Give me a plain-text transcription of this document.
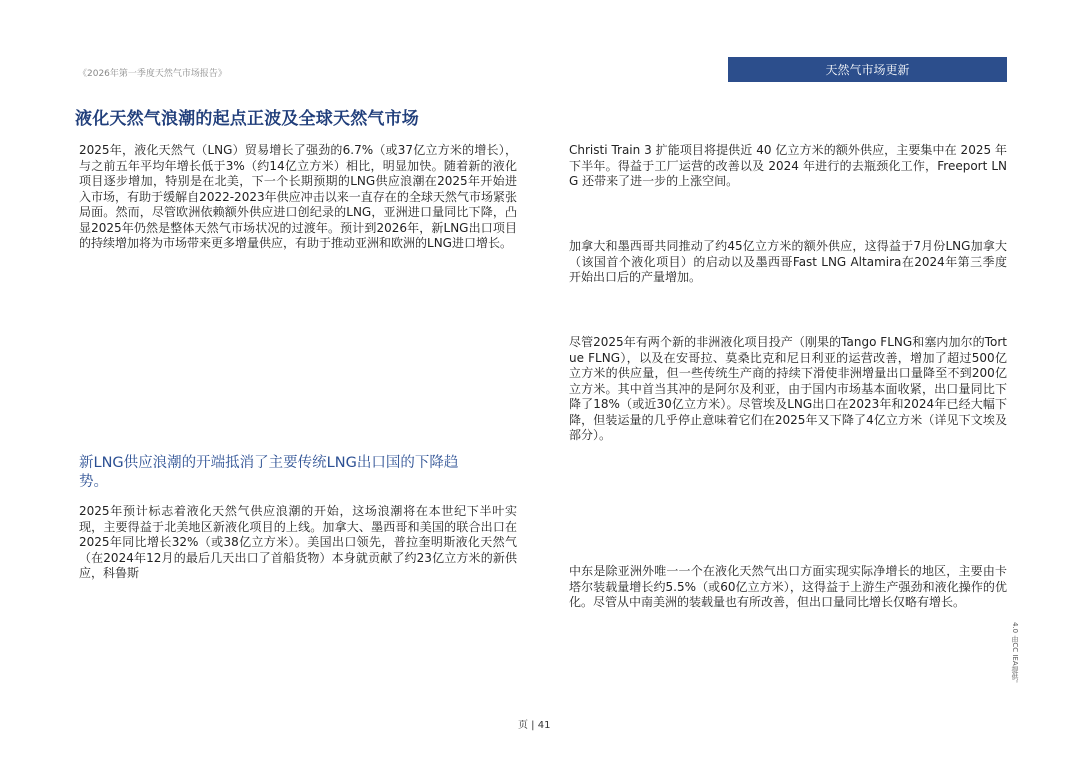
《2026年第一季度天然气市场报告》	天然气市场更新
液化天然气浪潮的起点正波及全球天然气市场

2025年，液化天然气（LNG）贸易增长了强劲的6.7%（或37亿立方米的增长），与之前五年平均年增长低于3%（约14亿立方米）相比，明显加快。随着新的液化项目逐步增加，特别是在北美，下一个长期预期的LNG供应浪潮在2025年开始进入市场，有助于缓解自2022-2023年供应冲击以来一直存在的全球天然气市场紧张局面。然而，尽管欧洲依赖额外供应进口创纪录的LNG，亚洲进口量同比下降，凸显2025年仍然是整体天然气市场状况的过渡年。预计到2026年，新LNG出口项目的持续增加将为市场带来更多增量供应，有助于推动亚洲和欧洲的LNG进口增长。

新LNG供应浪潮的开端抵消了主要传统LNG出口国的下降趋势。

2025年预计标志着液化天然气供应浪潮的开始，这场浪潮将在本世纪下半叶实现，主要得益于北美地区新液化项目的上线。加拿大、墨西哥和美国的联合出口在2025年同比增长32%（或38亿立方米）。美国出口领先，普拉奎明斯液化天然气（在2024年12月的最后几天出口了首船货物）本身就贡献了约23亿立方米的新供应，科鲁斯

Christi Train 3 扩能项目将提供近 40 亿立方米的额外供应，主要集中在 2025 年下半年。得益于工厂运营的改善以及 2024 年进行的去瓶颈化工作，Freeport LNG 还带来了进一步的上涨空间。

加拿大和墨西哥共同推动了约45亿立方米的额外供应，这得益于7月份LNG加拿大（该国首个液化项目）的启动以及墨西哥Fast LNG Altamira在2024年第三季度开始出口后的产量增加。

尽管2025年有两个新的非洲液化项目投产（刚果的Tango FLNG和塞内加尔的Tortue FLNG），以及在安哥拉、莫桑比克和尼日利亚的运营改善，增加了超过500亿立方米的供应量，但一些传统生产商的持续下滑使非洲增量出口量降至不到200亿立方米。其中首当其冲的是阿尔及利亚，由于国内市场基本面收紧，出口量同比下降了18%（或近30亿立方米）。尽管埃及LNG出口在2023年和2024年已经大幅下降，但装运量的几乎停止意味着它们在2025年又下降了4亿立方米（详见下文埃及部分）。

中东是除亚洲外唯一一个在液化天然气出口方面实现实际净增长的地区，主要由卡塔尔装载量增长约5.5%（或60亿立方米），这得益于上游生产强劲和液化操作的优化。尽管从中南美洲的装载量也有所改善，但出口量同比增长仅略有增长。

页 | 41
4.0 由CC IEA提供。
